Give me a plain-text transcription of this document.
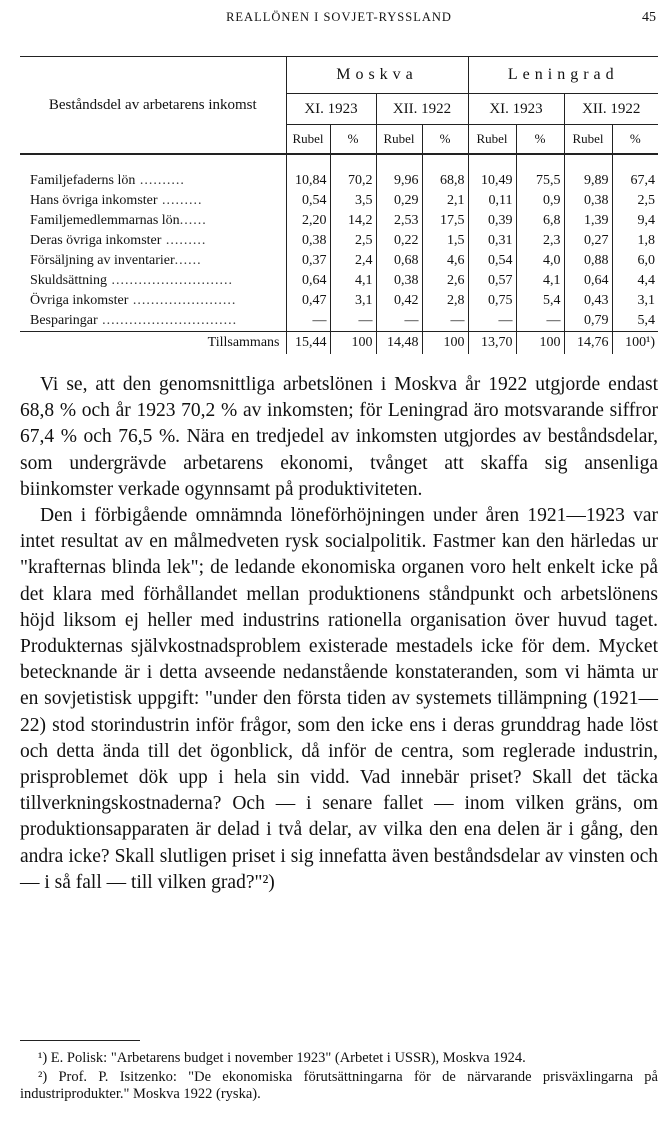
REALLÖNEN I SOVJET-RYSSLAND	45
Beståndsdel av arbetarens inkomst	Moskva				Leningrad			
	XI. 1923		XII. 1922		XI. 1923		XII. 1922	
	Rubel	%	Rubel	%	Rubel	%	Rubel	%
Familjefaderns lön ..........	10,84	70,2	9,96	68,8	10,49	75,5	9,89	67,4
Hans övriga inkomster .........	0,54	3,5	0,29	2,1	0,11	0,9	0,38	2,5
Familjemedlemmarnas lön......	2,20	14,2	2,53	17,5	0,39	6,8	1,39	9,4
Deras övriga inkomster .........	0,38	2,5	0,22	1,5	0,31	2,3	0,27	1,8
Försäljning av inventarier......	0,37	2,4	0,68	4,6	0,54	4,0	0,88	6,0
Skuldsättning ...........................	0,64	4,1	0,38	2,6	0,57	4,1	0,64	4,4
Övriga inkomster .......................	0,47	3,1	0,42	2,8	0,75	5,4	0,43	3,1
Besparingar ..............................	—	—	—	—	—	—	0,79	5,4
Tillsammans	15,44	100	14,48	100	13,70	100	14,76	100¹)

Vi se, att den genomsnittliga arbetslönen i Moskva år 1922 utgjorde endast 68,8 % och år 1923 70,2 % av inkomsten; för Leningrad äro motsvarande siffror 67,4 % och 76,5 %. Nära en tredjedel av inkomsten utgjordes av beståndsdelar, som undergrävde arbetarens ekonomi, tvånget att skaffa sig ansenliga biinkomster verkade ogynnsamt på produktiviteten.

Den i förbigående omnämnda löneförhöjningen under åren 1921—1923 var intet resultat av en målmedveten rysk socialpolitik. Fastmer kan den härledas ur "krafternas blinda lek"; de ledande ekonomiska organen voro helt enkelt icke på det klara med förhållandet mellan produktionens ståndpunkt och arbetslönens höjd liksom ej heller med industrins rationella organisation över huvud taget. Produkternas självkostnadsproblem existerade mestadels icke för dem. Mycket betecknande är i detta avseende nedanstående konstateranden, som vi hämta ur en sovjetistisk uppgift: "under den första tiden av systemets tillämpning (1921—22) stod storindustrin inför frågor, som den icke ens i deras grunddrag hade löst och detta ända till det ögonblick, då inför de centra, som reglerade industrin, prisproblemet dök upp i hela sin vidd. Vad innebär priset? Skall det täcka tillverkningskostnaderna? Och — i senare fallet — inom vilken gräns, om produktionsapparaten är delad i två delar, av vilka den ena delen är i gång, den andra icke? Skall slutligen priset i sig innefatta även beståndsdelar av vinsten och — i så fall — till vilken grad?"²)

¹) E. Polisk: "Arbetarens budget i november 1923" (Arbetet i USSR), Moskva 1924.

²) Prof. P. Isitzenko: "De ekonomiska förutsättningarna för de närvarande prisväxlingarna på industriprodukter." Moskva 1922 (ryska).
